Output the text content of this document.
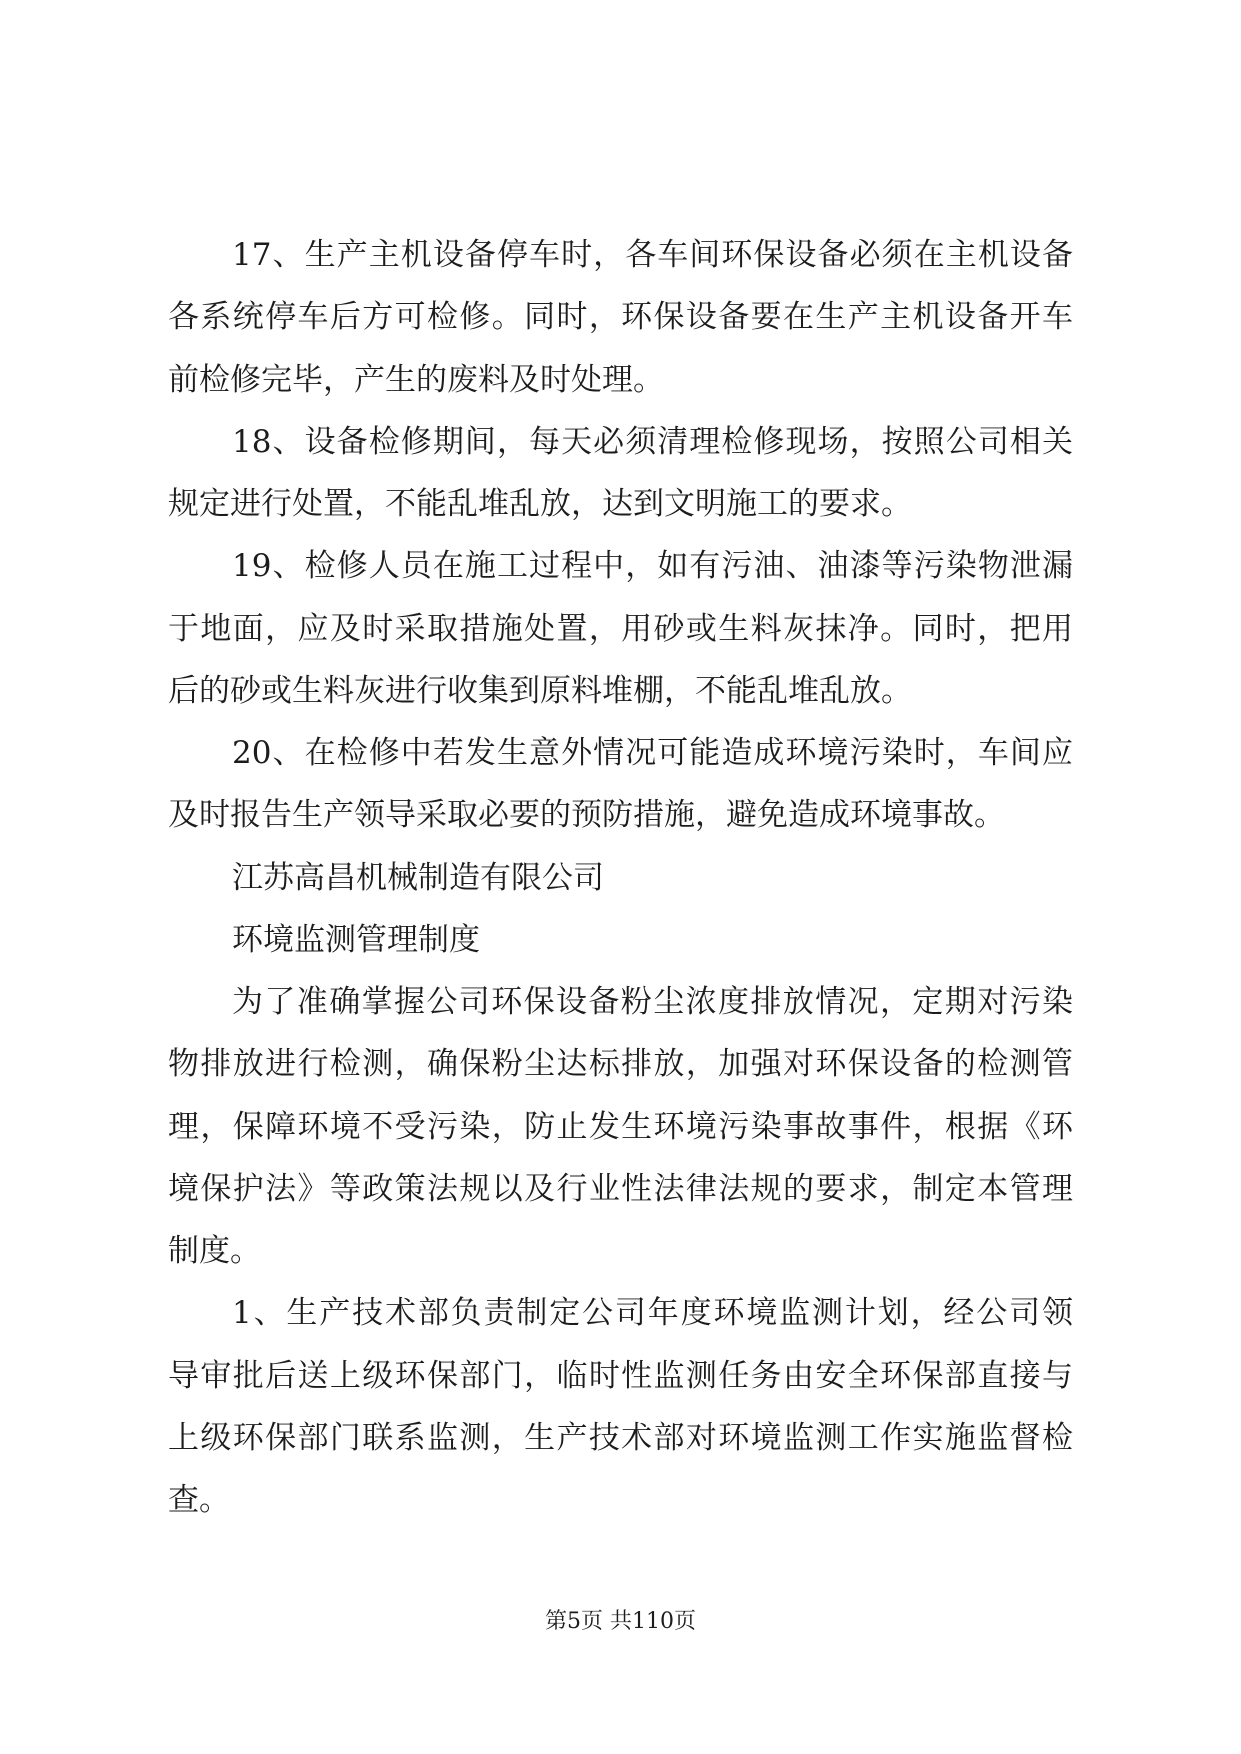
17、生产主机设备停车时，各车间环保设备必须在主机设备
各系统停车后方可检修。同时，环保设备要在生产主机设备开车
前检修完毕，产生的废料及时处理。
18、设备检修期间，每天必须清理检修现场，按照公司相关
规定进行处置，不能乱堆乱放，达到文明施工的要求。
19、检修人员在施工过程中，如有污油、油漆等污染物泄漏
于地面，应及时采取措施处置，用砂或生料灰抹净。同时，把用
后的砂或生料灰进行收集到原料堆棚，不能乱堆乱放。
20、在检修中若发生意外情况可能造成环境污染时，车间应
及时报告生产领导采取必要的预防措施，避免造成环境事故。
江苏高昌机械制造有限公司
环境监测管理制度
为了准确掌握公司环保设备粉尘浓度排放情况，定期对污染
物排放进行检测，确保粉尘达标排放，加强对环保设备的检测管
理，保障环境不受污染，防止发生环境污染事故事件，根据《环
境保护法》等政策法规以及行业性法律法规的要求，制定本管理
制度。
1、生产技术部负责制定公司年度环境监测计划，经公司领
导审批后送上级环保部门，临时性监测任务由安全环保部直接与
上级环保部门联系监测，生产技术部对环境监测工作实施监督检
查。
第5页 共110页
